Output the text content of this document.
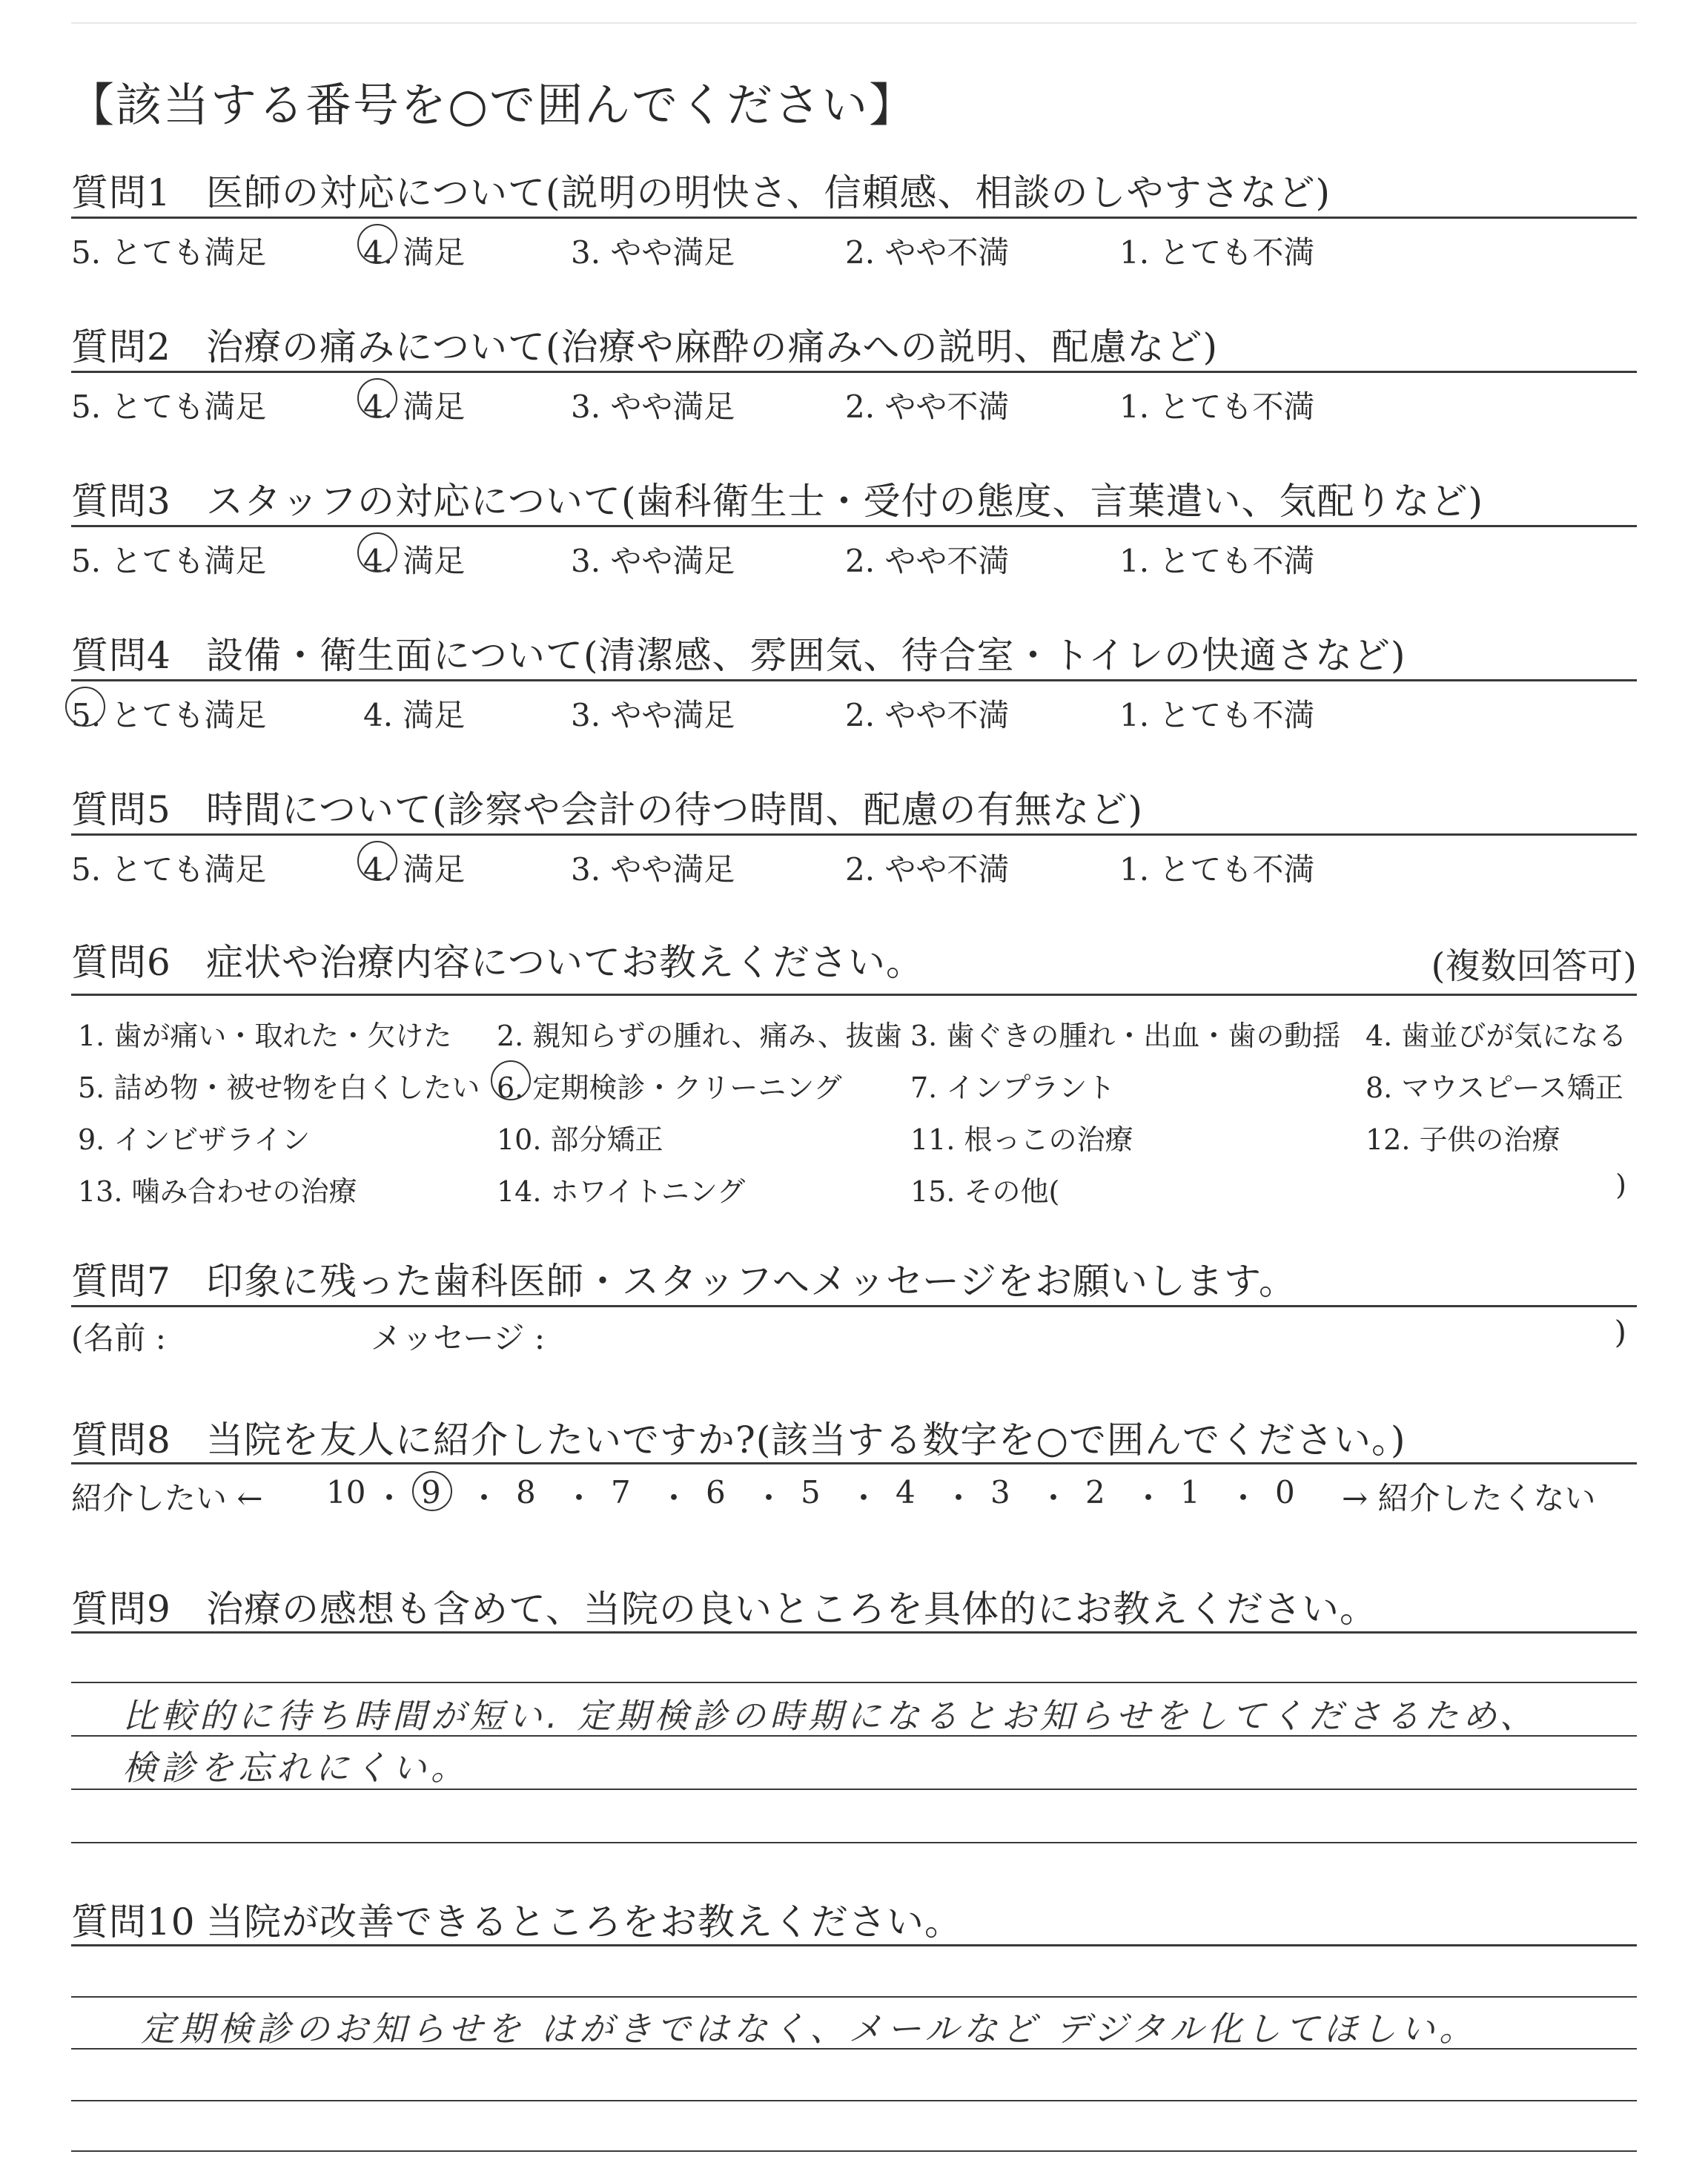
【該当する番号を○で囲んでください】
質問1 医師の対応について(説明の明快さ、信頼感、相談のしやすさなど)
5. とても満足	4. 満足	3. やや満足	2. やや不満	1. とても不満
質問2 治療の痛みについて(治療や麻酔の痛みへの説明、配慮など)
5. とても満足	4. 満足	3. やや満足	2. やや不満	1. とても不満
質問3 スタッフの対応について(歯科衛生士・受付の態度、言葉遣い、気配りなど)
5. とても満足	4. 満足	3. やや満足	2. やや不満	1. とても不満
質問4 設備・衛生面について(清潔感、雰囲気、待合室・トイレの快適さなど)
5. とても満足	4. 満足	3. やや満足	2. やや不満	1. とても不満
質問5 時間について(診察や会計の待つ時間、配慮の有無など)
5. とても満足	4. 満足	3. やや満足	2. やや不満	1. とても不満
質問6 症状や治療内容についてお教えください。	(複数回答可)
1. 歯が痛い・取れた・欠けた 2. 親知らずの腫れ、痛み、抜歯 3. 歯ぐきの腫れ・出血・歯の動揺 4. 歯並びが気になる
5. 詰め物・被せ物を白くしたい 6. 定期検診・クリーニング 7. インプラント	8. マウスピース矯正
9. インビザライン	10. 部分矯正	11. 根っこの治療	12. 子供の治療
13. 噛み合わせの治療	14. ホワイトニング	15. その他(	)
質問7 印象に残った歯科医師・スタッフへメッセージをお願いします。
(名前 :	メッセージ :	)
質問8 当院を友人に紹介したいですか?(該当する数字を○で囲んでください。)
紹介したい ← 10 ・ 9 ・ 8 ・ 7 ・ 6 ・ 5 ・ 4 ・ 3 ・ 2 ・ 1 ・ 0 → 紹介したくない
質問9 治療の感想も含めて、当院の良いところを具体的にお教えください。
比較的に待ち時間が短い. 定期検診の時期になるとお知らせをしてくださるため、
検診を忘れにくい。
質問10 当院が改善できるところをお教えください。
定期検診のお知らせを はがきではなく、メールなど デジタル化してほしい。
